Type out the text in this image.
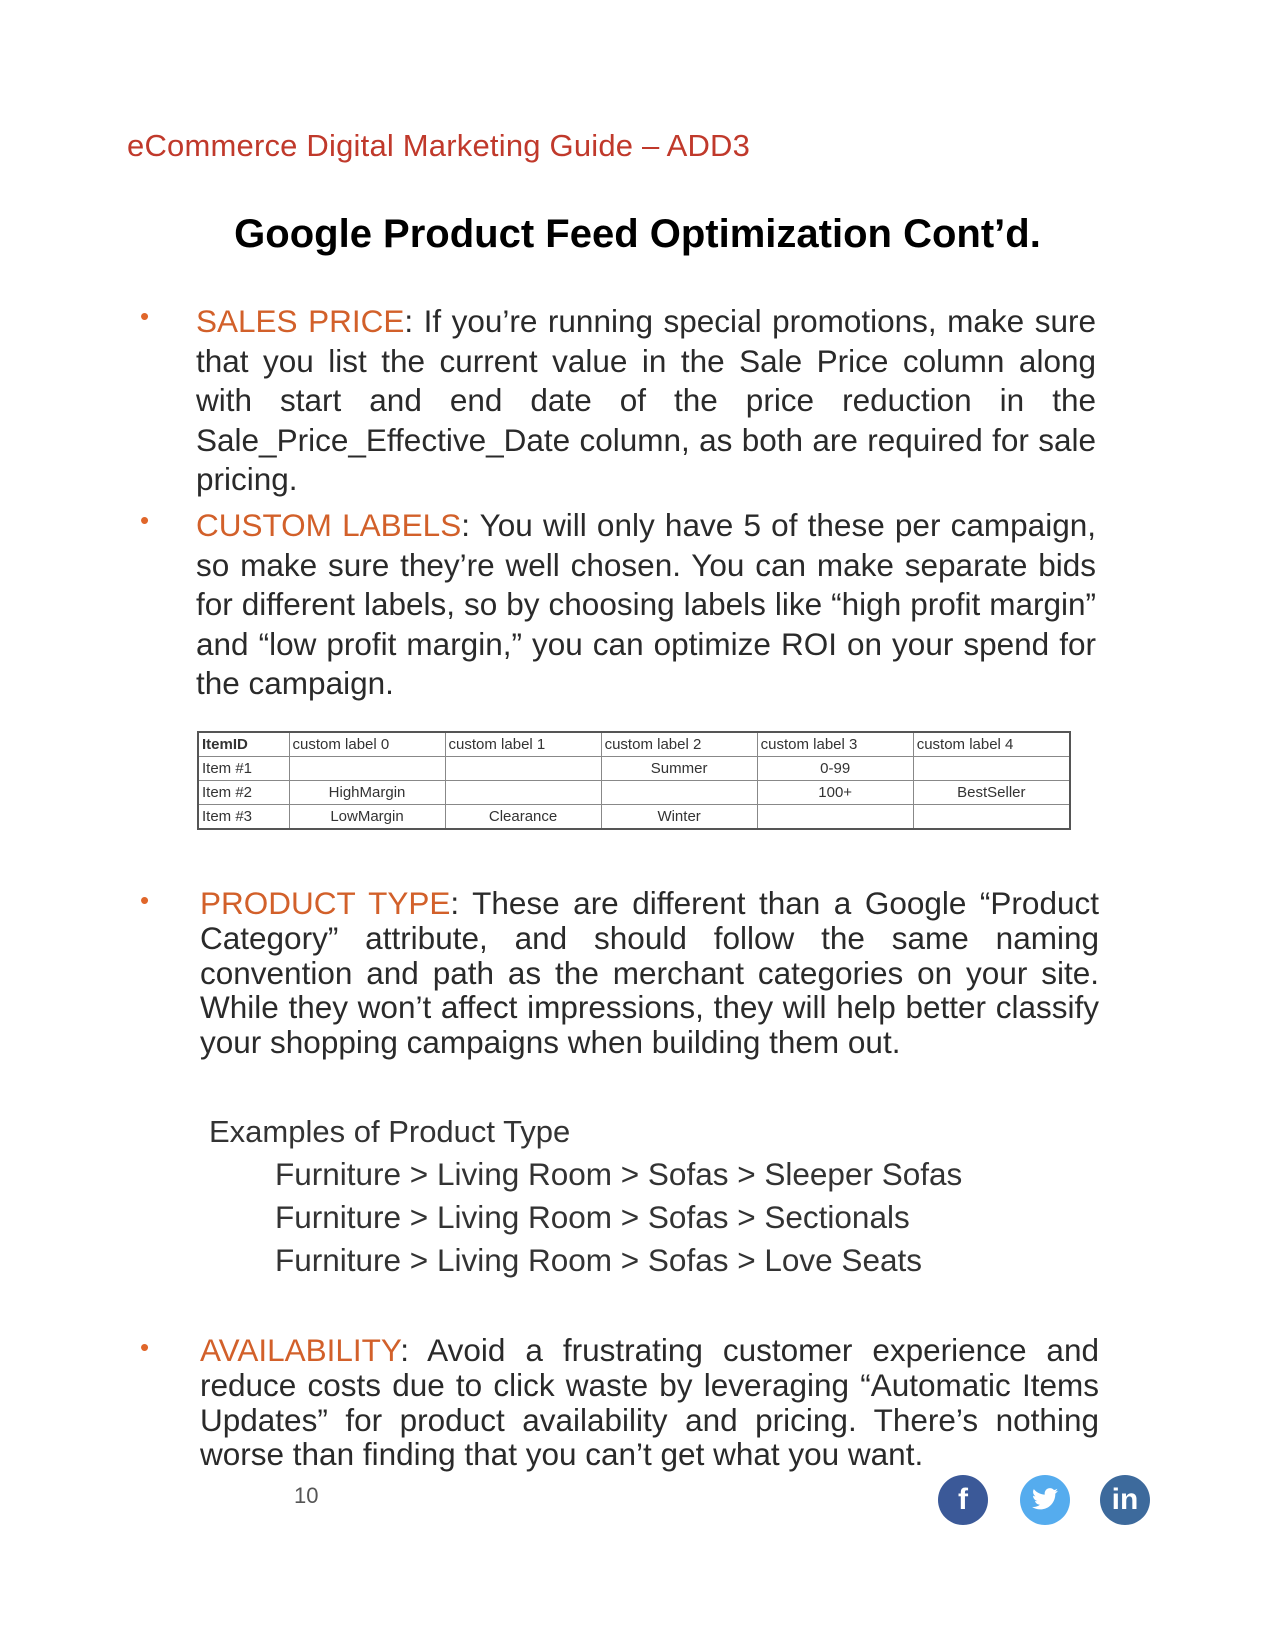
eCommerce Digital Marketing Guide – ADD3
Google Product Feed Optimization Cont’d.
• SALES PRICE: If you’re running special promotions, make sure that you list the current value in the Sale Price column along with start and end date of the price reduction in the Sale_Price_Effective_Date column, as both are required for sale pricing.
• CUSTOM LABELS: You will only have 5 of these per campaign, so make sure they’re well chosen. You can make separate bids for different labels, so by choosing labels like “high profit margin” and “low profit margin,” you can optimize ROI on your spend for the campaign.
ItemID	custom label 0	custom label 1	custom label 2	custom label 3	custom label 4
Item #1			Summer	0-99	
Item #2	HighMargin			100+	BestSeller
Item #3	LowMargin	Clearance	Winter		
• PRODUCT TYPE: These are different than a Google “Product Category” attribute, and should follow the same naming convention and path as the merchant categories on your site. While they won’t affect impressions, they will help better classify your shopping campaigns when building them out.
Examples of Product Type
Furniture > Living Room > Sofas > Sleeper Sofas
Furniture > Living Room > Sofas > Sectionals
Furniture > Living Room > Sofas > Love Seats
• AVAILABILITY: Avoid a frustrating customer experience and reduce costs due to click waste by leveraging “Automatic Items Updates” for product availability and pricing. There’s nothing worse than finding that you can’t get what you want.
10	f	in
